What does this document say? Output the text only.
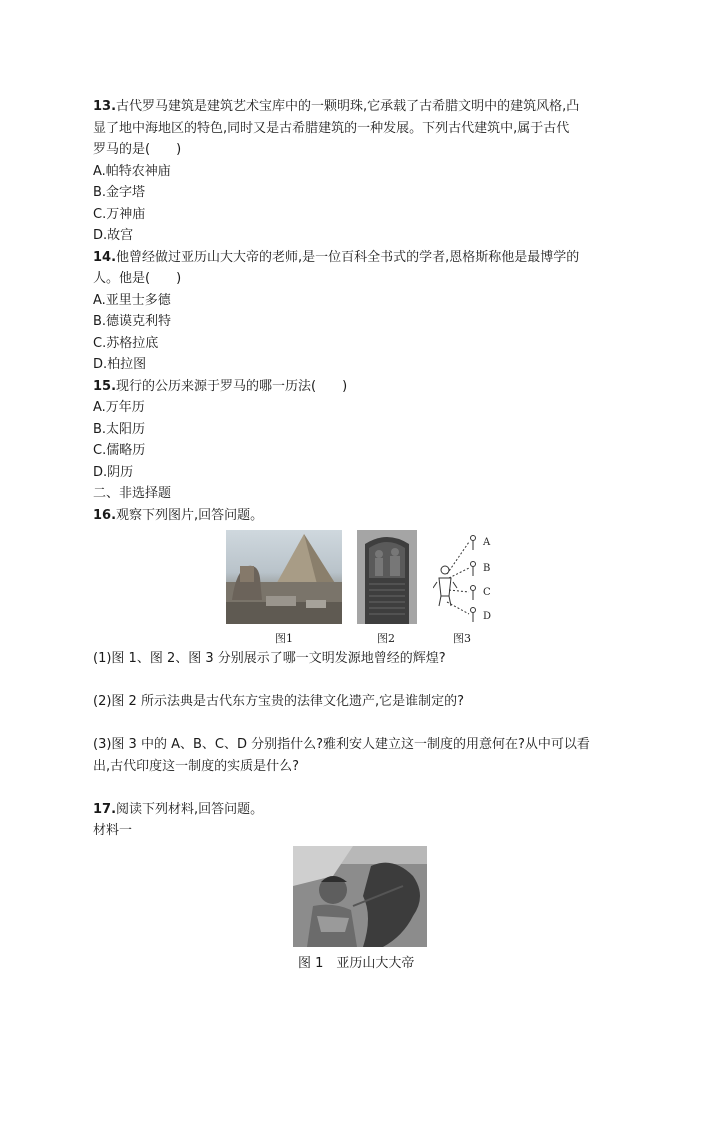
13.古代罗马建筑是建筑艺术宝库中的一颗明珠,它承载了古希腊文明中的建筑风格,凸
显了地中海地区的特色,同时又是古希腊建筑的一种发展。下列古代建筑中,属于古代
罗马的是(　　)
A.帕特农神庙
B.金字塔
C.万神庙
D.故宫
14.他曾经做过亚历山大大帝的老师,是一位百科全书式的学者,恩格斯称他是最博学的
人。他是(　　)
A.亚里士多德
B.德谟克利特
C.苏格拉底
D.柏拉图
15.现行的公历来源于罗马的哪一历法(　　)
A.万年历
B.太阳历
C.儒略历
D.阴历
二、非选择题
16.观察下列图片,回答问题。
A
B
C
D
图1	图2	图3
(1)图 1、图 2、图 3 分别展示了哪一文明发源地曾经的辉煌?
(2)图 2 所示法典是古代东方宝贵的法律文化遗产,它是谁制定的?
(3)图 3 中的 A、B、C、D 分别指什么?雅利安人建立这一制度的用意何在?从中可以看
出,古代印度这一制度的实质是什么?
17.阅读下列材料,回答问题。
材料一
图 1　亚历山大大帝
